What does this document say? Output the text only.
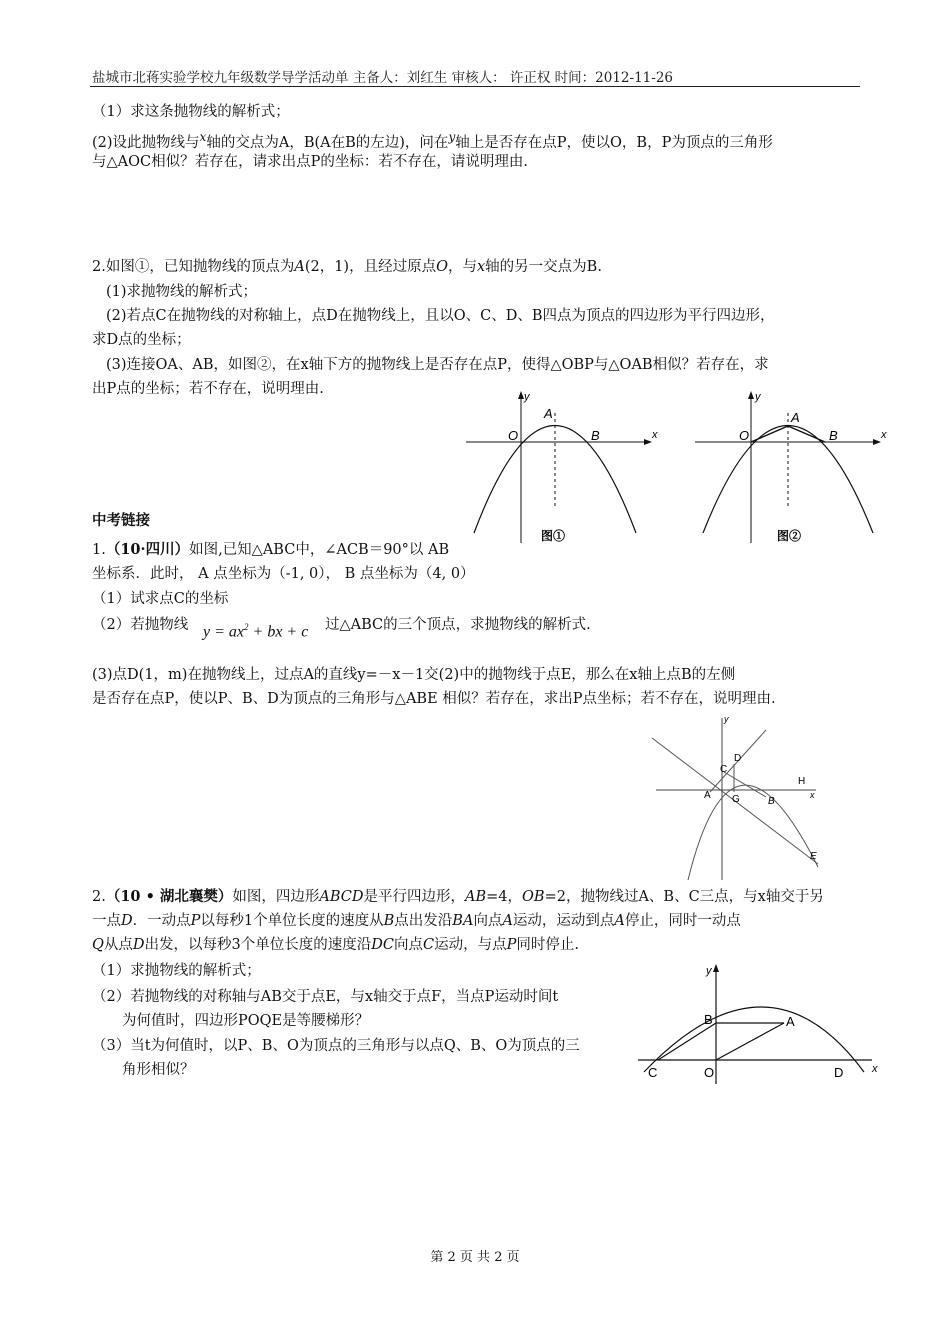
盐城市北蒋实验学校九年级数学导学活动单 主备人：刘红生 审核人： 许正权 时间：2012-11-26
（1）求这条抛物线的解析式；
(2)设此抛物线与$^x$轴的交点为A，B(A在B的左边)，问在$^y$轴上是否存在点P，使以O，B，P为顶点的三角形
与△AOC相似？若存在，请求出点P的坐标：若不存在，请说明理由.
2.如图①，已知抛物线的顶点为A(2，1)，且经过原点O，与x轴的另一交点为B.
(1)求抛物线的解析式；
(2)若点C在抛物线的对称轴上，点D在抛物线上，且以O、C、D、B四点为顶点的四边形为平行四边形，
求D点的坐标；
(3)连接OA、AB，如图②，在x轴下方的抛物线上是否存在点P，使得△OBP与△OAB相似？若存在，求
出P点的坐标；若不存在，说明理由.	y
x
A
O	B
图①
y
x
A
O	B
图②
中考链接
1.（10·四川）如图,已知△ABC中，∠ACB＝90°以 AB
坐标系．此时， A 点坐标为（-1, 0）， B 点坐标为（4, 0）
（1）试求点C的坐标
（2）若抛物线 $y = ax^2$ + bx + c 过△ABC的三个顶点，求抛物线的解析式.
(3)点D(1，m)在抛物线上，过点A的直线y=－x－1交(2)中的抛物线于点E，那么在x轴上点B的左侧
是否存在点P，使以P、B、D为顶点的三角形与△ABE 相似？若存在，求出P点坐标；若不存在，说明理由.
y
x
D
C
H
A G	B
E
2.（10 • 湖北襄樊）如图，四边形ABCD是平行四边形，AB=4，OB=2，抛物线过A、B、C三点，与x轴交于另
一点D．一动点P以每秒1个单位长度的速度从B点出发沿BA向点A运动，运动到点A停止，同时一动点
Q从点D出发，以每秒3个单位长度的速度沿DC向点C运动，与点P同时停止.
（1）求抛物线的解析式；
（2）若抛物线的对称轴与AB交于点E，与x轴交于点F，当点P运动时间t
为何值时，四边形POQE是等腰梯形？
（3）当t为何值时，以P、B、O为顶点的三角形与以点Q、B、O为顶点的三
角形相似？
y
x
B	A
C	O	D
第 2 页 共 2 页
